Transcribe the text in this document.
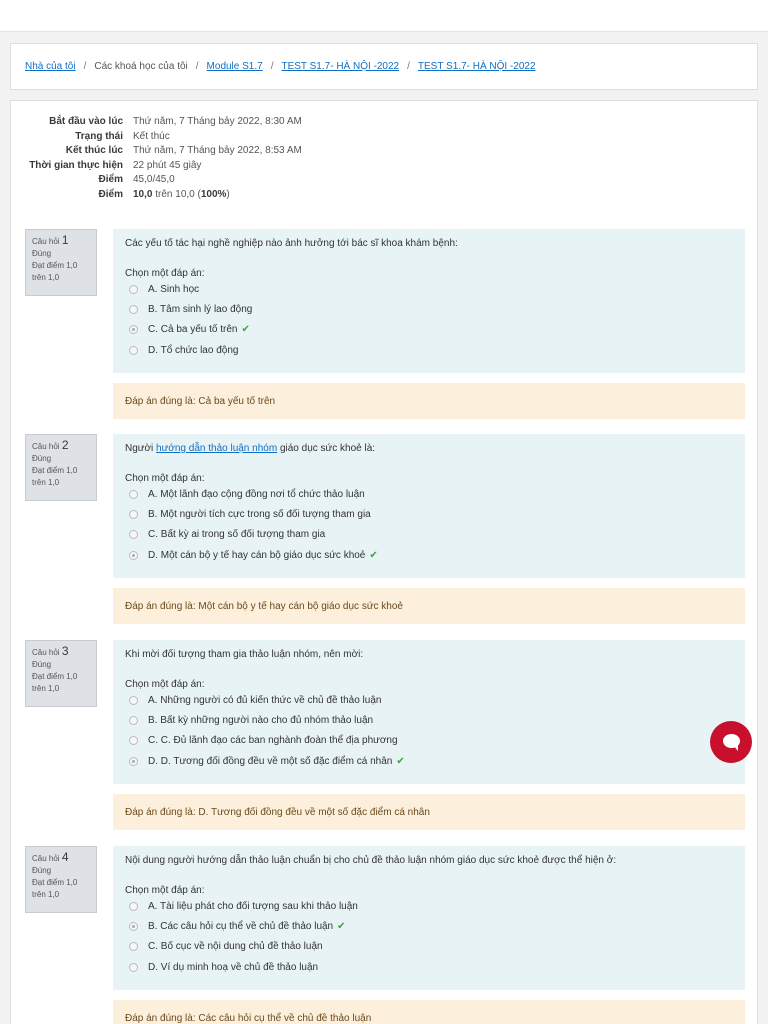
Nhà của tôi / Các khoá học của tôi / Module S1.7 / TEST S1.7- HÀ NỘI -2022 / TEST S1.7- HÀ NỘI -2022
Bắt đầu vào lúc	Thứ năm, 7 Tháng bảy 2022, 8:30 AM
Trạng thái	Kết thúc
Kết thúc lúc	Thứ năm, 7 Tháng bảy 2022, 8:53 AM
Thời gian thực hiện	22 phút 45 giây
Điểm	45,0/45,0
Điểm	10,0 trên 10,0 (100%)
Câu hỏi 1
Đúng
Đạt điểm 1,0 trên 1,0
Các yếu tố tác hại nghề nghiệp nào ảnh hưởng tới bác sĩ khoa khám bệnh:
Chọn một đáp án:
A. Sinh học
B. Tâm sinh lý lao động
C. Cả ba yếu tố trên ✔
D. Tổ chức lao động
Đáp án đúng là: Cả ba yếu tố trên
Câu hỏi 2
Đúng
Đạt điểm 1,0 trên 1,0
Người hướng dẫn thảo luận nhóm giáo dục sức khoẻ là:
Chọn một đáp án:
A. Một lãnh đạo cộng đồng nơi tổ chức thảo luận
B. Một người tích cực trong số đối tượng tham gia
C. Bất kỳ ai trong số đối tượng tham gia
D. Một cán bộ y tế hay cán bộ giáo dục sức khoẻ ✔
Đáp án đúng là: Một cán bộ y tế hay cán bộ giáo dục sức khoẻ
Câu hỏi 3
Đúng
Đạt điểm 1,0 trên 1,0
Khi mời đối tượng tham gia thảo luận nhóm, nên mời:
Chọn một đáp án:
A. Những người có đủ kiến thức về chủ đề thảo luận
B. Bất kỳ những người nào cho đủ nhóm thảo luận
C. C. Đủ lãnh đạo các ban nghành đoàn thể địa phương
D. D. Tương đối đồng đều về một số đặc điểm cá nhân ✔
Đáp án đúng là: D. Tương đối đồng đều về một số đặc điểm cá nhân
Câu hỏi 4
Đúng
Đạt điểm 1,0 trên 1,0
Nội dung người hướng dẫn thảo luận chuẩn bị cho chủ đề thảo luận nhóm giáo dục sức khoẻ được thể hiện ở:
Chọn một đáp án:
A. Tài liệu phát cho đối tượng sau khi thảo luận
B. Các câu hỏi cụ thể về chủ đề thảo luận ✔
C. Bố cục về nội dung chủ đề thảo luận
D. Ví dụ minh hoạ về chủ đề thảo luận
Đáp án đúng là: Các câu hỏi cụ thể về chủ đề thảo luận
